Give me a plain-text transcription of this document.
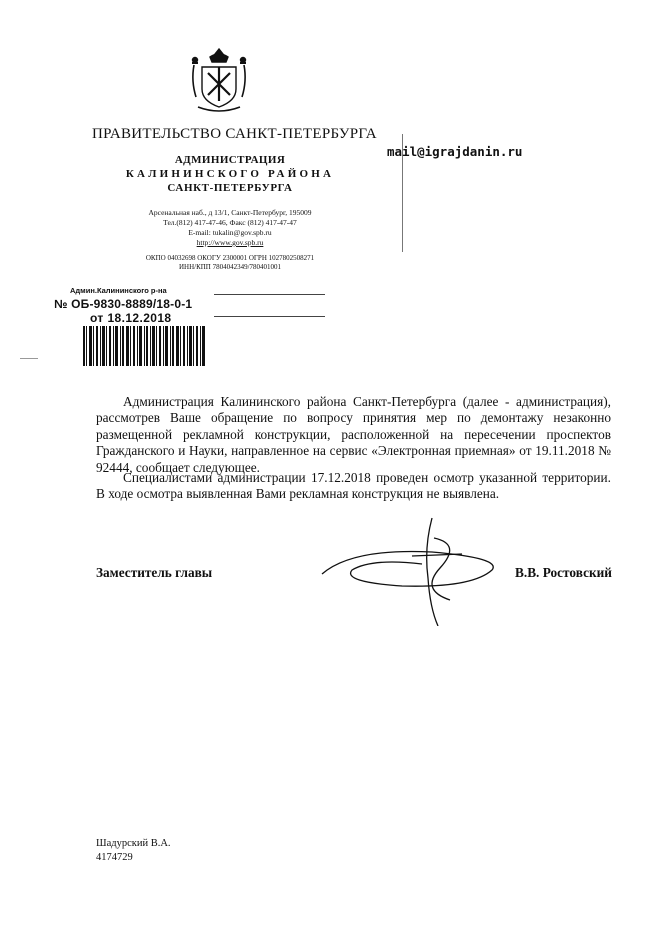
ПРАВИТЕЛЬСТВО САНКТ-ПЕТЕРБУРГА
АДМИНИСТРАЦИЯ
КАЛИНИНСКОГО РАЙОНА
САНКТ-ПЕТЕРБУРГА
Арсенальная наб., д 13/1, Санкт-Петербург, 195009
Тел.(812) 417-47-46, Факс (812) 417-47-47
E-mail: tukalin@gov.spb.ru
http://www.gov.spb.ru
ОКПО 04032698 ОКОГУ 2300001 ОГРН 1027802508271
ИНН/КПП 7804042349/780401001
mail@igrajdanin.ru
Админ.Калининского р-на
№ ОБ-9830-8889/18-0-1
от 18.12.2018
Администрация Калининского района Санкт-Петербурга (далее - администрация), рассмотрев Ваше обращение по вопросу принятия мер по демонтажу незаконно размещенной рекламной конструкции, расположенной на пересечении проспектов Гражданского и Науки, направленное на сервис «Электронная приемная» от 19.11.2018 № 92444, сообщает следующее.
Специалистами администрации 17.12.2018 проведен осмотр указанной территории. В ходе осмотра выявленная Вами рекламная конструкция не выявлена.
Заместитель главы	В.В. Ростовский
Шадурский В.А.
4174729
